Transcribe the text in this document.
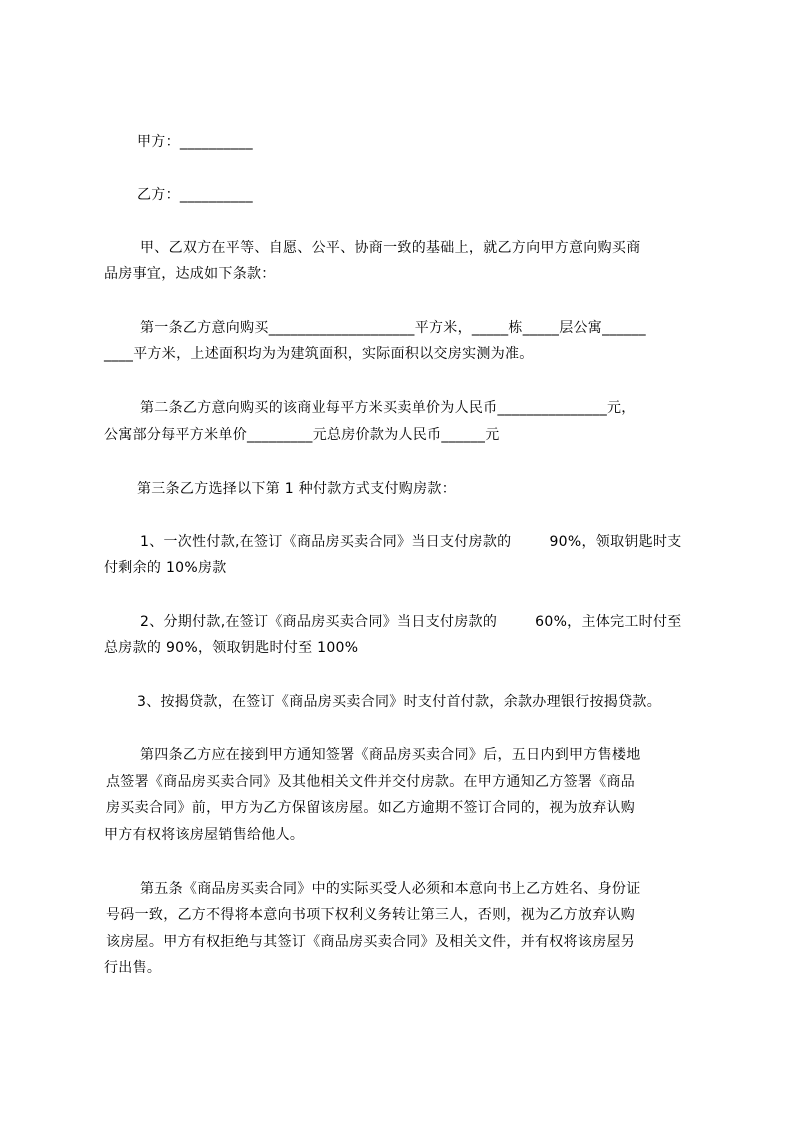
甲方：__________
乙方：__________
甲、乙双方在平等、自愿、公平、协商一致的基础上，就乙方向甲方意向购买商
品房事宜，达成如下条款：
第一条乙方意向购买____________________平方米，_____栋_____层公寓______
____平方米，上述面积均为为建筑面积，实际面积以交房实测为准。
第二条乙方意向购买的该商业每平方米买卖单价为人民币_______________元，
公寓部分每平方米单价_________元总房价款为人民币______元
第三条乙方选择以下第 1 种付款方式支付购房款：
1、一次性付款,在签订《商品房买卖合同》当日支付房款的        90%，领取钥匙时支
付剩余的 10%房款
2、分期付款,在签订《商品房买卖合同》当日支付房款的        60%，主体完工时付至
总房款的 90%，领取钥匙时付至 100%
3、按揭贷款，在签订《商品房买卖合同》时支付首付款，余款办理银行按揭贷款。
第四条乙方应在接到甲方通知签署《商品房买卖合同》后，五日内到甲方售楼地
点签署《商品房买卖合同》及其他相关文件并交付房款。在甲方通知乙方签署《商品
房买卖合同》前，甲方为乙方保留该房屋。如乙方逾期不签订合同的，视为放弃认购
甲方有权将该房屋销售给他人。
第五条《商品房买卖合同》中的实际买受人必须和本意向书上乙方姓名、身份证
号码一致，乙方不得将本意向书项下权利义务转让第三人，否则，视为乙方放弃认购
该房屋。甲方有权拒绝与其签订《商品房买卖合同》及相关文件，并有权将该房屋另
行出售。
